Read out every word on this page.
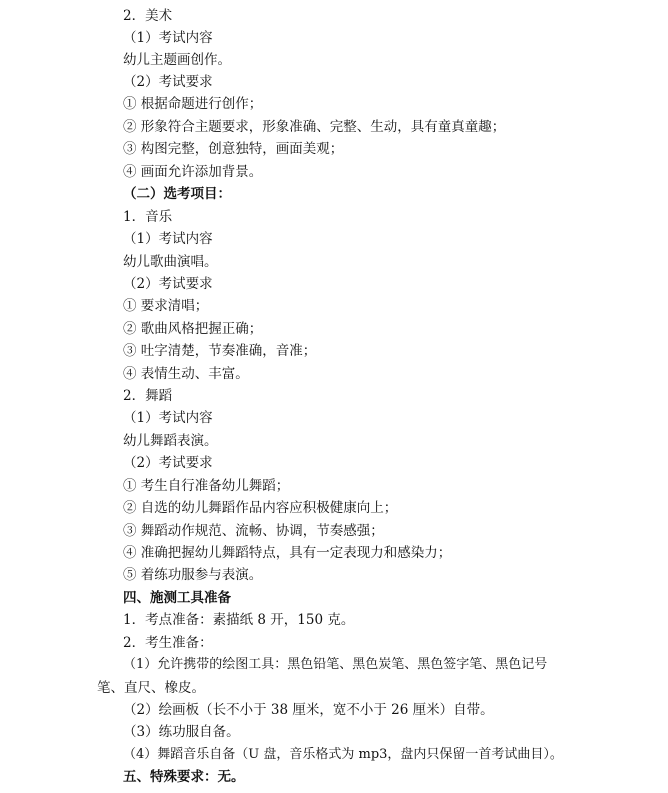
2．美术
（1）考试内容
幼儿主题画创作。
（2）考试要求
① 根据命题进行创作；
② 形象符合主题要求，形象准确、完整、生动，具有童真童趣；
③ 构图完整，创意独特，画面美观；
④ 画面允许添加背景。
（二）选考项目：
1．音乐
（1）考试内容
幼儿歌曲演唱。
（2）考试要求
① 要求清唱；
② 歌曲风格把握正确；
③ 吐字清楚，节奏准确，音准；
④ 表情生动、丰富。
2．舞蹈
（1）考试内容
幼儿舞蹈表演。
（2）考试要求
① 考生自行准备幼儿舞蹈；
② 自选的幼儿舞蹈作品内容应积极健康向上；
③ 舞蹈动作规范、流畅、协调，节奏感强；
④ 准确把握幼儿舞蹈特点，具有一定表现力和感染力；
⑤ 着练功服参与表演。
四、施测工具准备
1．考点准备：素描纸 8 开，150 克。
2．考生准备：
（1）允许携带的绘图工具：黑色铅笔、黑色炭笔、黑色签字笔、黑色记号
笔、直尺、橡皮。
（2）绘画板（长不小于 38 厘米，宽不小于 26 厘米）自带。
（3）练功服自备。
（4）舞蹈音乐自备（U 盘，音乐格式为 mp3，盘内只保留一首考试曲目）。
五、特殊要求：无。
